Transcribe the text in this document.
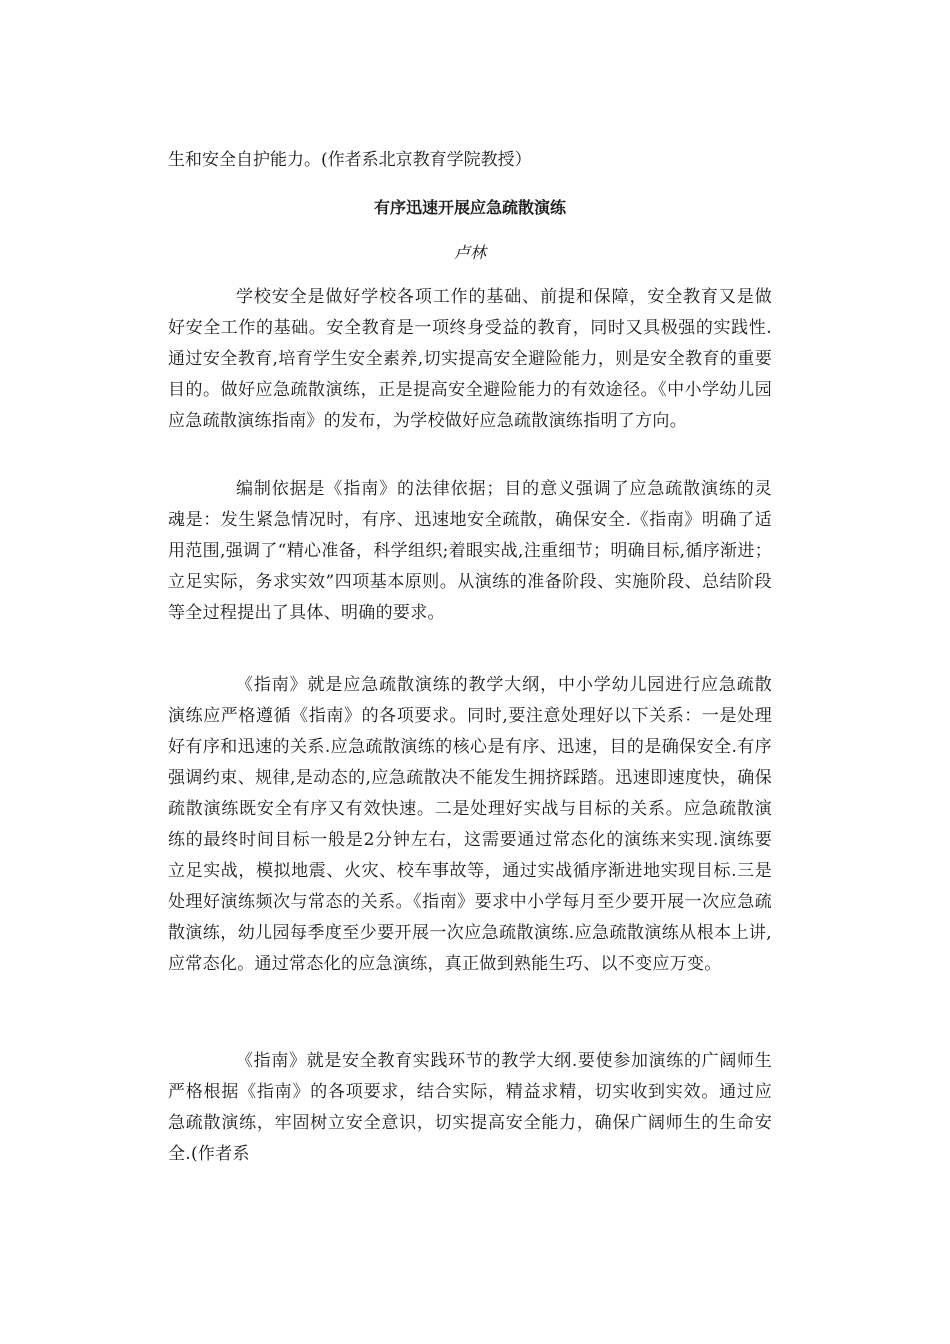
生和安全自护能力。(作者系北京教育学院教授）
有序迅速开展应急疏散演练
卢林
学校安全是做好学校各项工作的基础、前提和保障，安全教育又是做好安全工作的基础。安全教育是一项终身受益的教育，同时又具极强的实践性.通过安全教育,培育学生安全素养,切实提高安全避险能力，则是安全教育的重要目的。做好应急疏散演练，正是提高安全避险能力的有效途径。《中小学幼儿园应急疏散演练指南》的发布，为学校做好应急疏散演练指明了方向。
编制依据是《指南》的法律依据；目的意义强调了应急疏散演练的灵魂是：发生紧急情况时，有序、迅速地安全疏散，确保安全.《指南》明确了适用范围,强调了“精心准备，科学组织;着眼实战,注重细节；明确目标,循序渐进；立足实际，务求实效”四项基本原则。从演练的准备阶段、实施阶段、总结阶段等全过程提出了具体、明确的要求。
《指南》就是应急疏散演练的教学大纲，中小学幼儿园进行应急疏散演练应严格遵循《指南》的各项要求。同时,要注意处理好以下关系：一是处理好有序和迅速的关系.应急疏散演练的核心是有序、迅速，目的是确保安全.有序强调约束、规律,是动态的,应急疏散决不能发生拥挤踩踏。迅速即速度快，确保疏散演练既安全有序又有效快速。二是处理好实战与目标的关系。应急疏散演练的最终时间目标一般是2分钟左右，这需要通过常态化的演练来实现.演练要立足实战，模拟地震、火灾、校车事故等，通过实战循序渐进地实现目标.三是处理好演练频次与常态的关系。《指南》要求中小学每月至少要开展一次应急疏散演练，幼儿园每季度至少要开展一次应急疏散演练.应急疏散演练从根本上讲,应常态化。通过常态化的应急演练，真正做到熟能生巧、以不变应万变。
《指南》就是安全教育实践环节的教学大纲.要使参加演练的广阔师生严格根据《指南》的各项要求，结合实际，精益求精，切实收到实效。通过应急疏散演练，牢固树立安全意识，切实提高安全能力，确保广阔师生的生命安全.(作者系
